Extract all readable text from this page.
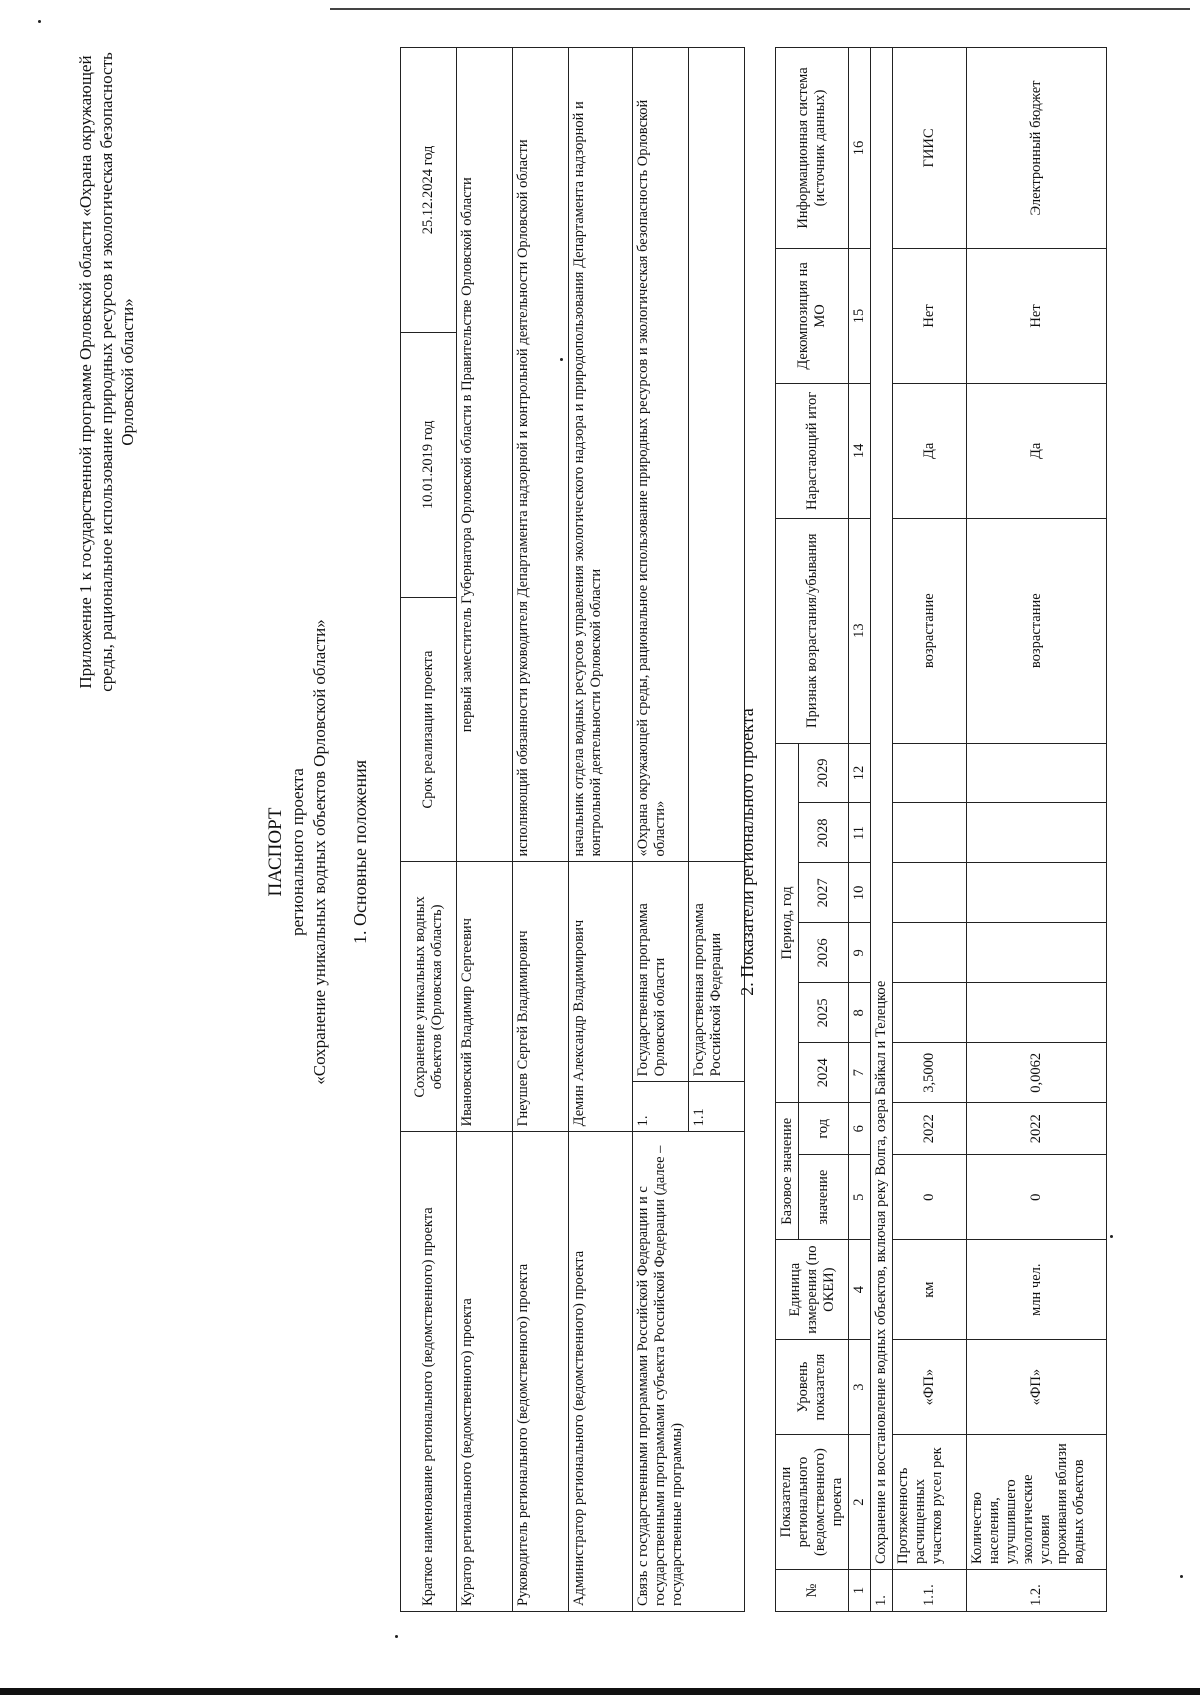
Приложение 1 к государственной программе Орловской области «Охрана окружающей среды, рациональное использование природных ресурсов и экологическая безопасность Орловской области»
ПАСПОРТ регионального проекта «Сохранение уникальных водных объектов Орловской области» 1. Основные положения
Краткое наименование регионального (ведомственного) проекта	Сохранение уникальных водных объектов (Орловская область)		Срок реализации проекта	10.01.2019 год	25.12.2024 год
Куратор регионального (ведомственного) проекта	Ивановский Владимир Сергеевич		первый заместитель Губернатора Орловской области в Правительстве Орловской области		
Руководитель регионального (ведомственного) проекта	Гнеушев Сергей Владимирович		исполняющий обязанности руководителя Департамента надзорной и контрольной деятельности Орловской области		
Администратор регионального (ведомственного) проекта	Демин Александр Владимирович		начальник отдела водных ресурсов управления экологического надзора и природопользования Департамента надзорной и контрольной деятельности Орловской области		
Связь с государственными программами Российской Федерации и с государственными программами субъекта Российской Федерации (далее – государственные программы)	1.	Государственная программа Орловской области	«Охрана окружающей среды, рациональное использование природных ресурсов и экологическая безопасность Орловской области»		
	1.1	Государственная программа Российской Федерации			
2. Показатели регионального проекта
№	Показатели регионального (ведомственного) проекта	Уровень показателя	Единица измерения (по ОКЕИ)	Базовое значение		Период, год						Признак возрастания/убывания	Нарастающий итог	Декомпозиция на МО	Информационная система (источник данных)
				значение	год	2024	2025	2026	2027	2028	2029				
1	2	3	4	5	6	7	8	9	10	11	12	13	14	15	16
1.	Сохранение и восстановление водных объектов, включая реку Волга, озера Байкал и Телецкое														
1.1.	Протяженность расчищенных участков русел рек	«ФП»	км	0	2022	3,5000						возрастание	Да	Нет	ГИИС
1.2.	Количество населения, улучшившего экологические условия проживания вблизи водных объектов	«ФП»	млн чел.	0	2022	0,0062						возрастание	Да	Нет	Электронный бюджет
